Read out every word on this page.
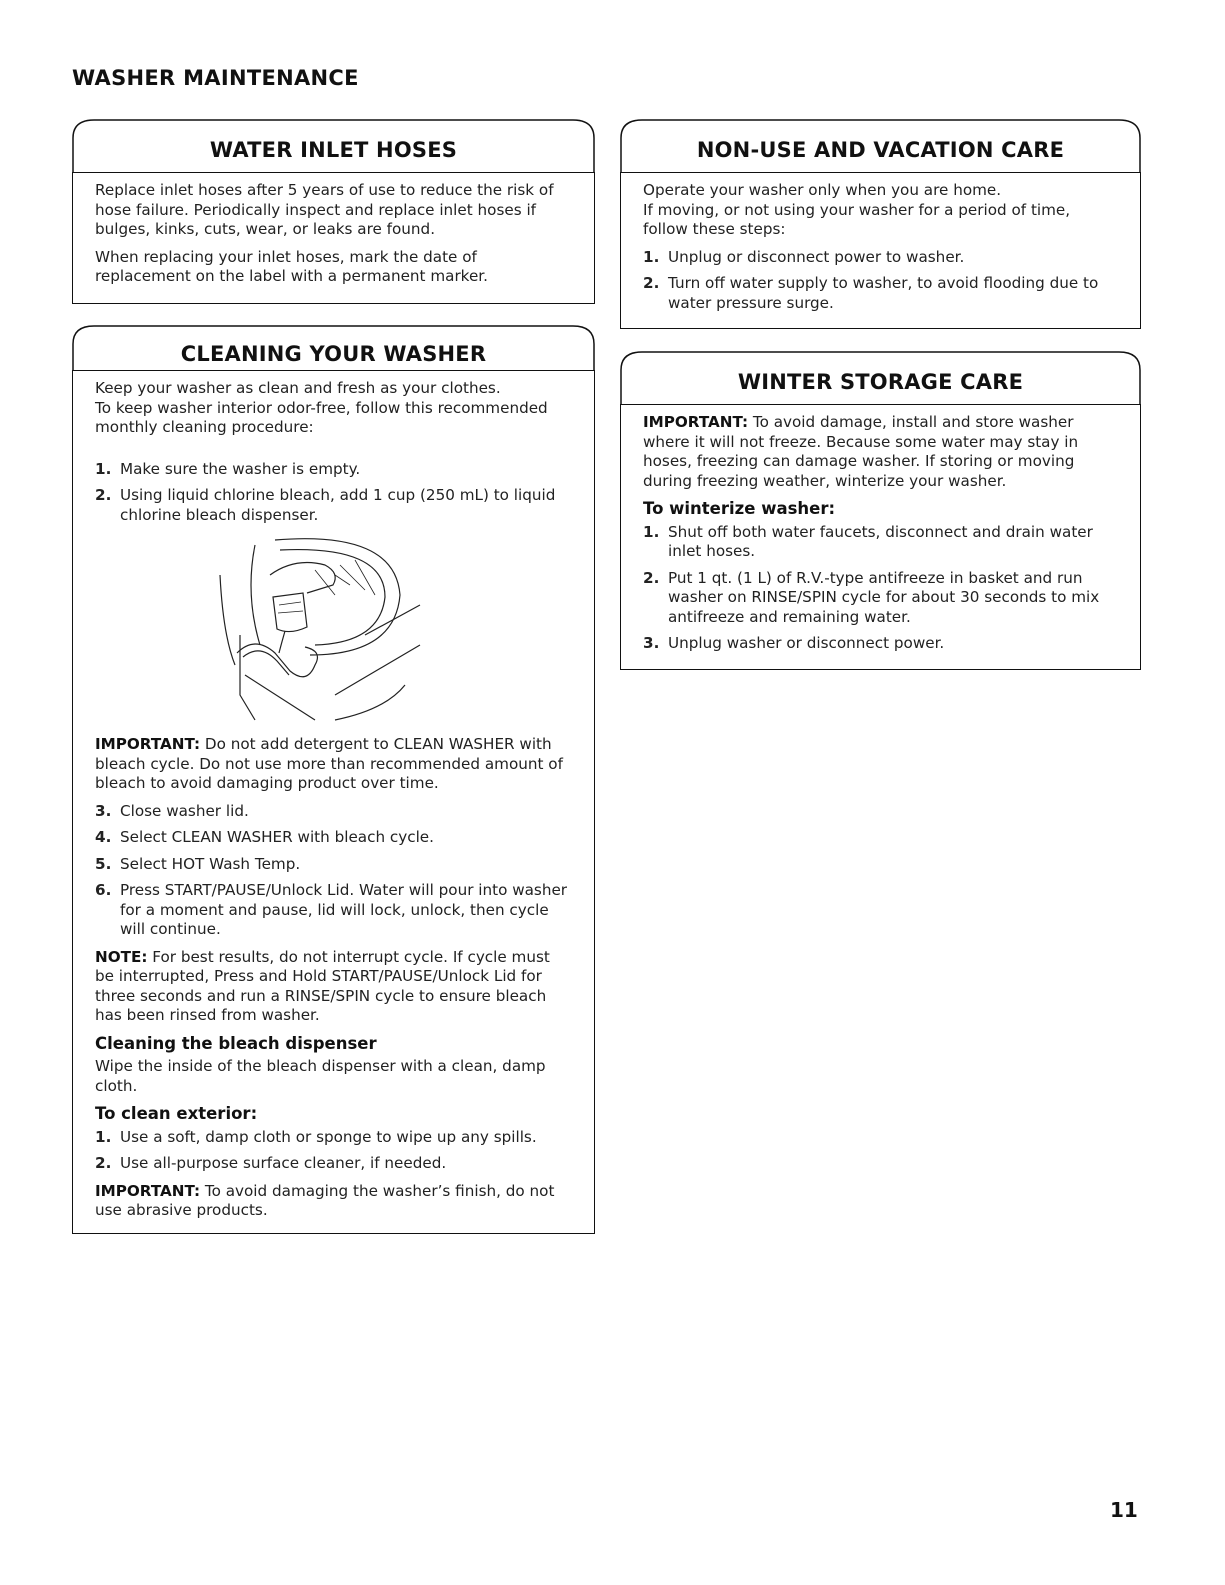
WASHER MAINTENANCE
WATER INLET HOSES

Replace inlet hoses after 5 years of use to reduce the risk of hose failure. Periodically inspect and replace inlet hoses if bulges, kinks, cuts, wear, or leaks are found.

When replacing your inlet hoses, mark the date of replacement on the label with a permanent marker.

CLEANING YOUR WASHER

Keep your washer as clean and fresh as your clothes.

To keep washer interior odor-free, follow this recommended monthly cleaning procedure:

1. Make sure the washer is empty.
2. Using liquid chlorine bleach, add 1 cup (250 mL) to liquid chlorine bleach dispenser.

IMPORTANT: Do not add detergent to CLEAN WASHER with bleach cycle. Do not use more than recommended amount of bleach to avoid damaging product over time.

3. Close washer lid.
4. Select CLEAN WASHER with bleach cycle.
5. Select HOT Wash Temp.
6. Press START/PAUSE/Unlock Lid. Water will pour into washer for a moment and pause, lid will lock, unlock, then cycle will continue.

NOTE: For best results, do not interrupt cycle. If cycle must be interrupted, Press and Hold START/PAUSE/Unlock Lid for three seconds and run a RINSE/SPIN cycle to ensure bleach has been rinsed from washer.

Cleaning the bleach dispenser

Wipe the inside of the bleach dispenser with a clean, damp cloth.

To clean exterior:
1. Use a soft, damp cloth or sponge to wipe up any spills.
2. Use all-purpose surface cleaner, if needed.

IMPORTANT: To avoid damaging the washer’s finish, do not use abrasive products.

NON-USE AND VACATION CARE

Operate your washer only when you are home.

If moving, or not using your washer for a period of time, follow these steps:

1. Unplug or disconnect power to washer.
2. Turn off water supply to washer, to avoid flooding due to water pressure surge.
WINTER STORAGE CARE

IMPORTANT: To avoid damage, install and store washer where it will not freeze. Because some water may stay in hoses, freezing can damage washer. If storing or moving during freezing weather, winterize your washer.

To winterize washer:
1. Shut off both water faucets, disconnect and drain water inlet hoses.
2. Put 1 qt. (1 L) of R.V.-type antifreeze in basket and run washer on RINSE/SPIN cycle for about 30 seconds to mix antifreeze and remaining water.
3. Unplug washer or disconnect power.
11
